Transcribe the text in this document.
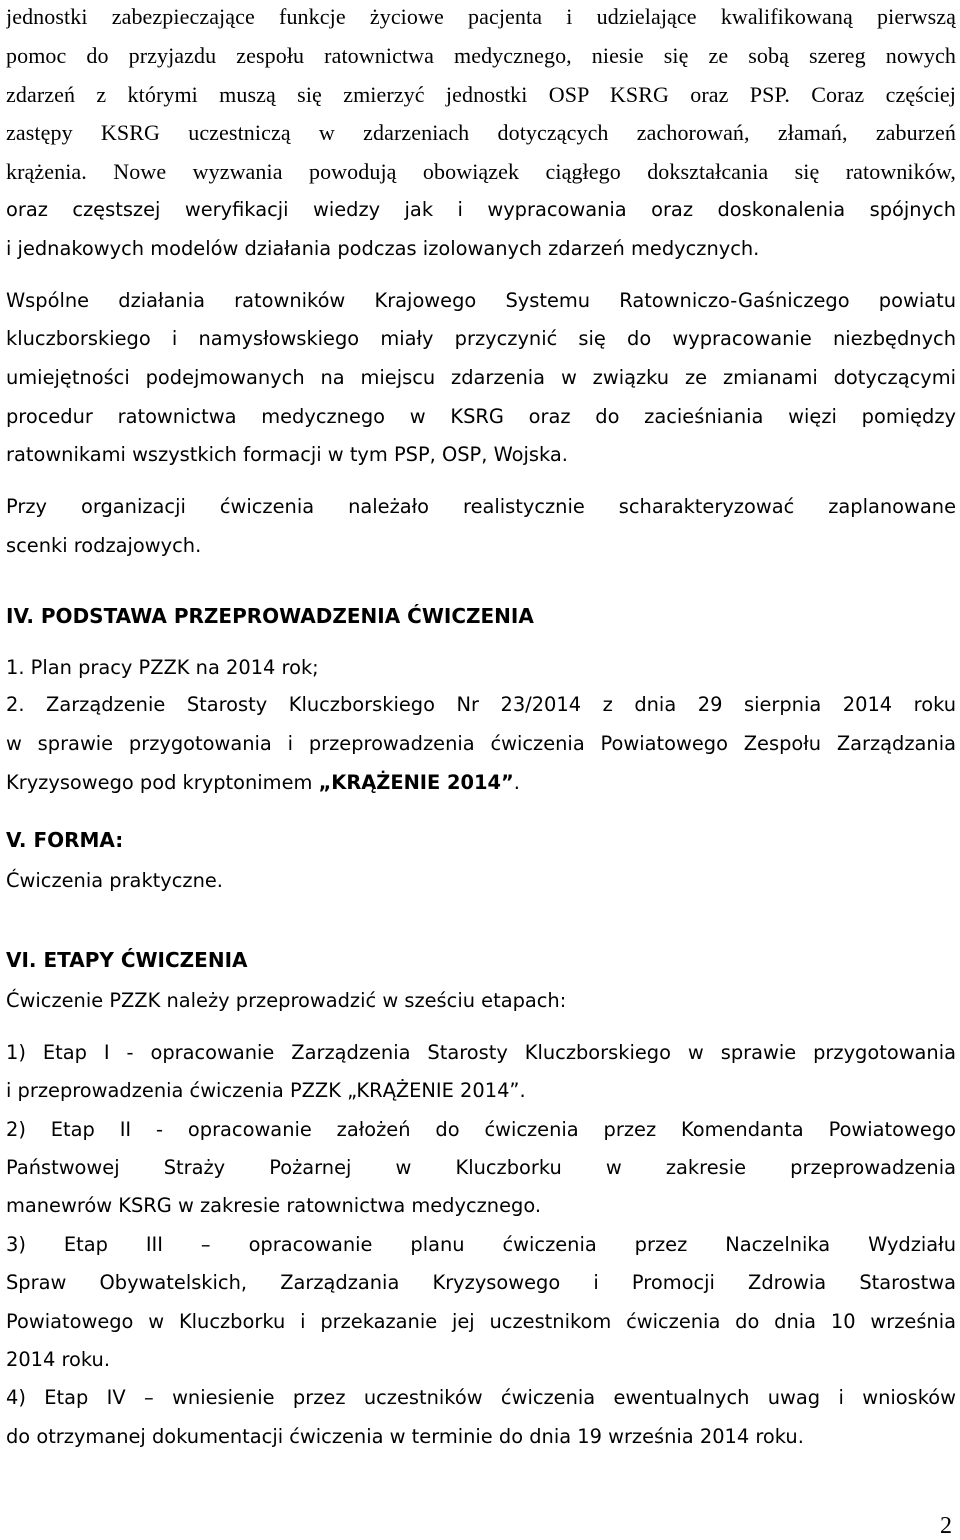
jednostki zabezpieczające funkcje życiowe pacjenta i udzielające kwalifikowaną pierwszą
pomoc do przyjazdu zespołu ratownictwa medycznego, niesie się ze sobą szereg nowych
zdarzeń z którymi muszą się zmierzyć jednostki OSP KSRG oraz PSP. Coraz częściej
zastępy KSRG uczestniczą w zdarzeniach dotyczących zachorowań, złamań, zaburzeń
krążenia. Nowe wyzwania powodują obowiązek ciągłego dokształcania się ratowników,
oraz częstszej weryfikacji wiedzy jak i wypracowania oraz doskonalenia spójnych
i jednakowych modelów działania podczas izolowanych zdarzeń medycznych.
Wspólne działania ratowników Krajowego Systemu Ratowniczo-Gaśniczego powiatu
kluczborskiego i namysłowskiego miały przyczynić się do wypracowanie niezbędnych
umiejętności podejmowanych na miejscu zdarzenia w związku ze zmianami dotyczącymi
procedur ratownictwa medycznego w KSRG oraz do zacieśniania więzi pomiędzy
ratownikami wszystkich formacji w tym PSP, OSP, Wojska.
Przy organizacji ćwiczenia należało realistycznie scharakteryzować zaplanowane
scenki rodzajowych.
IV. PODSTAWA PRZEPROWADZENIA ĆWICZENIA
1. Plan pracy PZZK na 2014 rok;
2. Zarządzenie Starosty Kluczborskiego Nr 23/2014 z dnia 29 sierpnia 2014 roku
w sprawie przygotowania i przeprowadzenia ćwiczenia Powiatowego Zespołu Zarządzania
Kryzysowego pod kryptonimem „KRĄŻENIE 2014”.
V. FORMA:
Ćwiczenia praktyczne.
VI. ETAPY ĆWICZENIA
Ćwiczenie PZZK należy przeprowadzić w sześciu etapach:
1) Etap I - opracowanie Zarządzenia Starosty Kluczborskiego w sprawie przygotowania
i przeprowadzenia ćwiczenia PZZK „KRĄŻENIE 2014”.
2) Etap II - opracowanie założeń do ćwiczenia przez Komendanta Powiatowego
Państwowej Straży Pożarnej w Kluczborku w zakresie przeprowadzenia
manewrów KSRG w zakresie ratownictwa medycznego.
3) Etap III – opracowanie planu ćwiczenia przez Naczelnika Wydziału
Spraw Obywatelskich, Zarządzania Kryzysowego i Promocji Zdrowia Starostwa
Powiatowego w Kluczborku i przekazanie jej uczestnikom ćwiczenia do dnia 10 września
2014 roku.
4) Etap IV – wniesienie przez uczestników ćwiczenia ewentualnych uwag i wniosków
do otrzymanej dokumentacji ćwiczenia w terminie do dnia 19 września 2014 roku.
2
